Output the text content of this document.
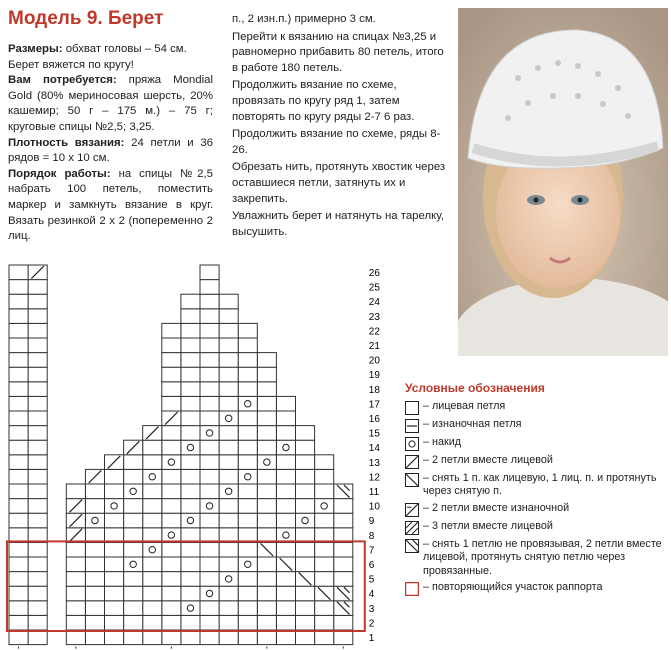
Модель 9. Берет

Размеры: обхват головы – 54 см.

Берет вяжется по кругу!

Вам потребуется: пряжа Mondial Gold (80% мериносовая шерсть, 20% кашемир; 50 г – 175 м.) – 75 г; круговые спицы №2,5; 3,25.

Плотность вязания: 24 петли и 36 рядов = 10 х 10 см.

Порядок работы: на спицы №2,5 набрать 100 петель, поместить маркер и замкнуть вязание в круг. Вязать резинкой 2 х 2 (попеременно 2 лиц.

п., 2 изн.п.) примерно 3 см.

Перейти к вязанию на спицах №3,25 и равномерно прибавить 80 петель, итого в работе 180 петель.

Продолжить вязание по схеме, провязать по кругу ряд 1, затем повторять по кругу ряды 2-7 6 раз.

Продолжить вязание по схеме, ряды 8-26.

Обрезать нить, протянуть хвостик через оставшиеся петли, затянуть их и закрепить.

Увлажнить берет и натянуть на тарелку, высушить.

Условные обозначения
– лицевая петля
– изнаночная петля
– накид
– 2 петли вместе лицевой
– снять 1 п. как лицевую, 1 лиц. п. и протянуть через снятую п.
– 2 петли вместе изнаночной
– 3 петли вместе лицевой
– снять 1 петлю не провязывая, 2 петли вместе лицевой, протянуть снятую петлю через провязанные.
– повторяющийся участок раппорта
1
2
3
4
5
6
7
8
9
10
11
12
13
14
15
16
17
18
19
20
21
22
23
24
25
26
